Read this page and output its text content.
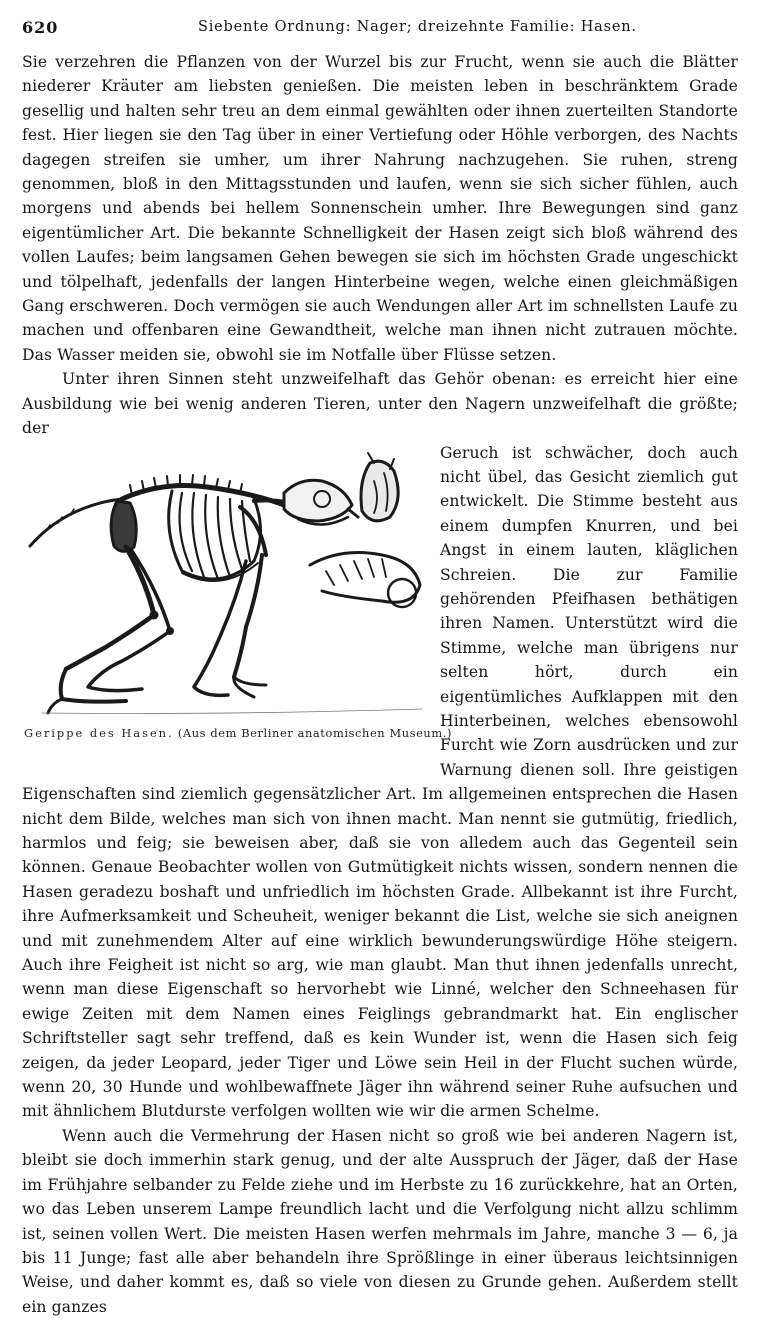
620	Siebente Ordnung: Nager; dreizehnte Familie: Hasen.

Sie verzehren die Pflanzen von der Wurzel bis zur Frucht, wenn sie auch die Blätter niederer Kräuter am liebsten genießen. Die meisten leben in beschränktem Grade gesellig und halten sehr treu an dem einmal gewählten oder ihnen zuerteilten Standorte fest. Hier liegen sie den Tag über in einer Vertiefung oder Höhle verborgen, des Nachts dagegen streifen sie umher, um ihrer Nahrung nachzugehen. Sie ruhen, streng genommen, bloß in den Mittagsstunden und laufen, wenn sie sich sicher fühlen, auch morgens und abends bei hellem Sonnenschein umher. Ihre Bewegungen sind ganz eigentümlicher Art. Die bekannte Schnelligkeit der Hasen zeigt sich bloß während des vollen Laufes; beim langsamen Gehen bewegen sie sich im höchsten Grade ungeschickt und tölpelhaft, jedenfalls der langen Hinterbeine wegen, welche einen gleichmäßigen Gang erschweren. Doch vermögen sie auch Wendungen aller Art im schnellsten Laufe zu machen und offenbaren eine Gewandtheit, welche man ihnen nicht zutrauen möchte. Das Wasser meiden sie, obwohl sie im Notfalle über Flüsse setzen.

Unter ihren Sinnen steht unzweifelhaft das Gehör obenan: es erreicht hier eine Ausbildung wie bei wenig anderen Tieren, unter den Nagern unzweifelhaft die größte; der

Gerippe des Hasen. (Aus dem Berliner anatomischen Museum.)

Geruch ist schwächer, doch auch nicht übel, das Gesicht ziemlich gut entwickelt. Die Stimme besteht aus einem dumpfen Knurren, und bei Angst in einem lauten, kläglichen Schreien. Die zur Familie gehörenden Pfeifhasen bethätigen ihren Namen. Unterstützt wird die Stimme, welche man übrigens nur selten hört, durch ein eigentümliches Aufklappen mit den Hinterbeinen, welches ebensowohl Furcht wie Zorn ausdrücken und zur Warnung dienen soll. Ihre geistigen Eigenschaften sind ziemlich gegensätzlicher Art. Im allgemeinen entsprechen die Hasen nicht dem Bilde, welches man sich von ihnen macht. Man nennt sie gutmütig, friedlich, harmlos und feig; sie beweisen aber, daß sie von alledem auch das Gegenteil sein können. Genaue Beobachter wollen von Gutmütigkeit nichts wissen, sondern nennen die Hasen geradezu boshaft und unfriedlich im höchsten Grade. Allbekannt ist ihre Furcht, ihre Aufmerksamkeit und Scheuheit, weniger bekannt die List, welche sie sich aneignen und mit zunehmendem Alter auf eine wirklich bewunderungswürdige Höhe steigern. Auch ihre Feigheit ist nicht so arg, wie man glaubt. Man thut ihnen jedenfalls unrecht, wenn man diese Eigenschaft so hervorhebt wie Linné, welcher den Schneehasen für ewige Zeiten mit dem Namen eines Feiglings gebrandmarkt hat. Ein englischer Schriftsteller sagt sehr treffend, daß es kein Wunder ist, wenn die Hasen sich feig zeigen, da jeder Leopard, jeder Tiger und Löwe sein Heil in der Flucht suchen würde, wenn 20, 30 Hunde und wohlbewaffnete Jäger ihn während seiner Ruhe aufsuchen und mit ähnlichem Blutdurste verfolgen wollten wie wir die armen Schelme.

Wenn auch die Vermehrung der Hasen nicht so groß wie bei anderen Nagern ist, bleibt sie doch immerhin stark genug, und der alte Ausspruch der Jäger, daß der Hase im Frühjahre selbander zu Felde ziehe und im Herbste zu 16 zurückkehre, hat an Orten, wo das Leben unserem Lampe freundlich lacht und die Verfolgung nicht allzu schlimm ist, seinen vollen Wert. Die meisten Hasen werfen mehrmals im Jahre, manche 3 — 6, ja bis 11 Junge; fast alle aber behandeln ihre Sprößlinge in einer überaus leichtsinnigen Weise, und daher kommt es, daß so viele von diesen zu Grunde gehen. Außerdem stellt ein ganzes
